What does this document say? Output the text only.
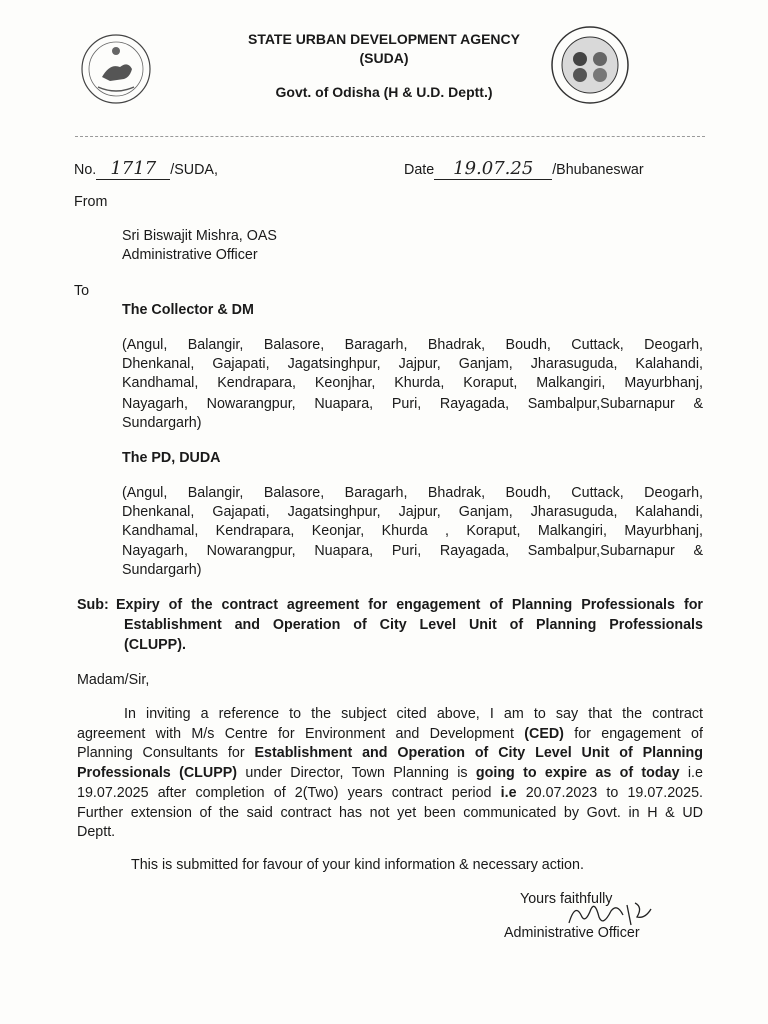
STATE URBAN DEVELOPMENT AGENCY
(SUDA)
Govt. of Odisha (H & U.D. Deptt.)
No. 1717 /SUDA,	Date 19.07.25 /Bhubaneswar
From
Sri Biswajit Mishra, OAS
Administrative Officer
To
The Collector & DM
(Angul, Balangir, Balasore, Baragarh, Bhadrak, Boudh, Cuttack, Deogarh,
Dhenkanal, Gajapati, Jagatsinghpur, Jajpur, Ganjam, Jharasuguda, Kalahandi,
Kandhamal, Kendrapara, Keonjhar, Khurda, Koraput, Malkangiri, Mayurbhanj,
Nayagarh, Nowarangpur, Nuapara, Puri, Rayagada, Sambalpur,Subarnapur &
Sundargarh)
The PD, DUDA
(Angul, Balangir, Balasore, Baragarh, Bhadrak, Boudh, Cuttack, Deogarh,
Dhenkanal, Gajapati, Jagatsinghpur, Jajpur, Ganjam, Jharasuguda, Kalahandi,
Kandhamal, Kendrapara, Keonjar, Khurda , Koraput, Malkangiri, Mayurbhanj,
Nayagarh, Nowarangpur, Nuapara, Puri, Rayagada, Sambalpur,Subarnapur &
Sundargarh)
Sub: Expiry of the contract agreement for engagement of Planning Professionals for
Establishment and Operation of City Level Unit of Planning Professionals
(CLUPP).
Madam/Sir,
In inviting a reference to the subject cited above, I am to say that the contract
agreement with M/s Centre for Environment and Development (CED) for engagement of
Planning Consultants for Establishment and Operation of City Level Unit of Planning
Professionals (CLUPP) under Director, Town Planning is going to expire as of today i.e
19.07.2025 after completion of 2(Two) years contract period i.e 20.07.2023 to 19.07.2025.
Further extension of the said contract has not yet been communicated by Govt. in H & UD
Deptt.
This is submitted for favour of your kind information & necessary action.
Yours faithfully
Administrative Officer
